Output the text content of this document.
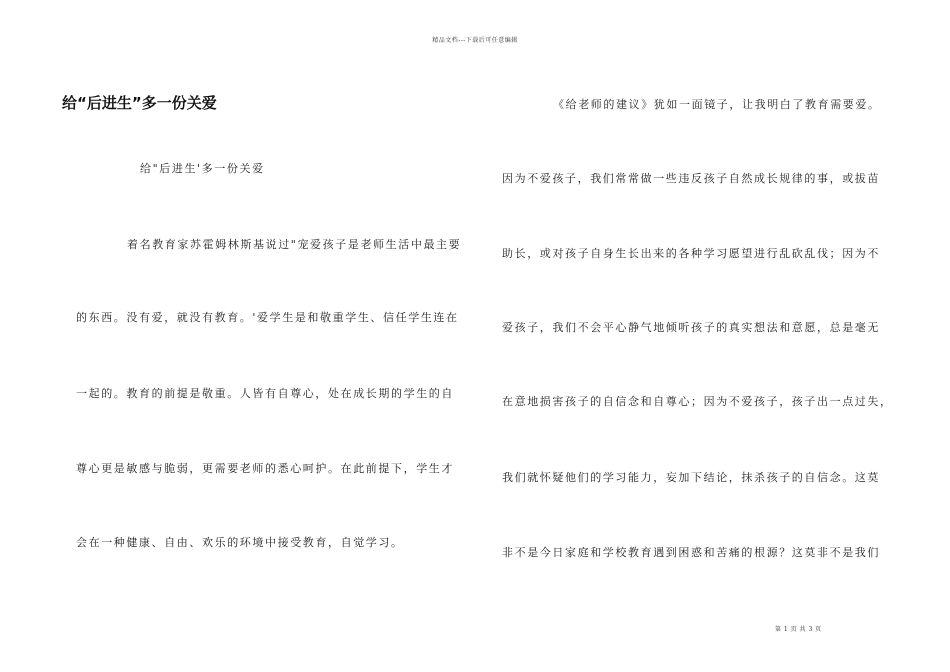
精品文档---下载后可任意编辑
给“后进生”多一份关爱
给"后进生'多一份关爱
着名教育家苏霍姆林斯基说过"宠爱孩子是老师生活中最主要
的东西。没有爱，就没有教育。'爱学生是和敬重学生、信任学生连在
一起的。教育的前提是敬重。人皆有自尊心，处在成长期的学生的自
尊心更是敏感与脆弱，更需要老师的悉心呵护。在此前提下，学生才
会在一种健康、自由、欢乐的环境中接受教育，自觉学习。
《给老师的建议》犹如一面镜子，让我明白了教育需要爱。
因为不爱孩子，我们常常做一些违反孩子自然成长规律的事，或拔苗
助长，或对孩子自身生长出来的各种学习愿望进行乱砍乱伐；因为不
爱孩子，我们不会平心静气地倾听孩子的真实想法和意愿，总是毫无
在意地损害孩子的自信念和自尊心；因为不爱孩子，孩子出一点过失，
我们就怀疑他们的学习能力，妄加下结论，抹杀孩子的自信念。这莫
非不是今日家庭和学校教育遇到困惑和苦痛的根源？这莫非不是我们
第 1 页 共 3 页
